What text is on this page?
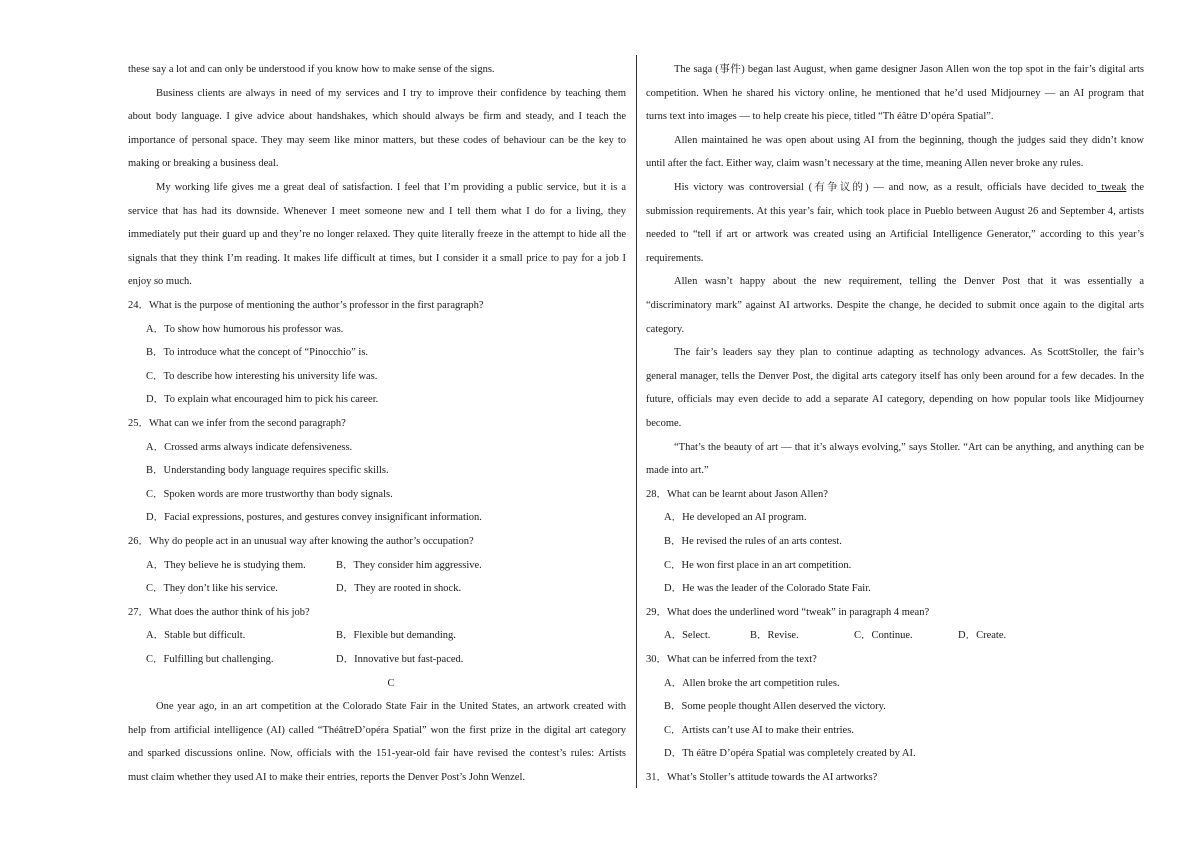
these say a lot and can only be understood if you know how to make sense of the signs.
Business clients are always in need of my services and I try to improve their confidence by teaching them
about body language. I give advice about handshakes, which should always be firm and steady, and I teach the
importance of personal space. They may seem like minor matters, but these codes of behaviour can be the key to
making or breaking a business deal.
My working life gives me a great deal of satisfaction. I feel that I’m providing a public service, but it is a
service that has had its downside. Whenever I meet someone new and I tell them what I do for a living, they
immediately put their guard up and they’re no longer relaxed. They quite literally freeze in the attempt to hide all the
signals that they think I’m reading. It makes life difficult at times, but I consider it a small price to pay for a job I
enjoy so much.
24．What is the purpose of mentioning the author’s professor in the first paragraph?
A．To show how humorous his professor was.
B．To introduce what the concept of “Pinocchio” is.
C．To describe how interesting his university life was.
D．To explain what encouraged him to pick his career.
25．What can we infer from the second paragraph?
A．Crossed arms always indicate defensiveness.
B．Understanding body language requires specific skills.
C．Spoken words are more trustworthy than body signals.
D．Facial expressions, postures, and gestures convey insignificant information.
26．Why do people act in an unusual way after knowing the author’s occupation?
A．They believe he is studying them.	B．They consider him aggressive.
C．They don’t like his service.	D．They are rooted in shock.
27．What does the author think of his job?
A．Stable but difficult.	B．Flexible but demanding.
C．Fulfilling but challenging.	D．Innovative but fast-paced.
C
One year ago, in an art competition at the Colorado State Fair in the United States, an artwork created with
help from artificial intelligence (AI) called “ThéâtreD’opéra Spatial” won the first prize in the digital art category
and sparked discussions online. Now, officials with the 151-year-old fair have revised the contest’s rules: Artists
must claim whether they used AI to make their entries, reports the Denver Post’s John Wenzel.
The saga (事件) began last August, when game designer Jason Allen won the top spot in the fair’s digital arts
competition. When he shared his victory online, he mentioned that he’d used Midjourney — an AI program that
turns text into images — to help create his piece, titled “Th éâtre D’opéra Spatial”.
Allen maintained he was open about using AI from the beginning, though the judges said they didn’t know
until after the fact. Either way, claim wasn’t necessary at the time, meaning Allen never broke any rules.
His victory was controversial (有争议的) — and now, as a result, officials have decided to tweak the
submission requirements. At this year’s fair, which took place in Pueblo between August 26 and September 4, artists
needed to “tell if art or artwork was created using an Artificial Intelligence Generator,” according to this year’s
requirements.
Allen wasn’t happy about the new requirement, telling the Denver Post that it was essentially a
“discriminatory mark” against AI artworks. Despite the change, he decided to submit once again to the digital arts
category.
The fair’s leaders say they plan to continue adapting as technology advances. As ScottStoller, the fair’s
general manager, tells the Denver Post, the digital arts category itself has only been around for a few decades. In the
future, officials may even decide to add a separate AI category, depending on how popular tools like Midjourney
become.
“That’s the beauty of art — that it’s always evolving,” says Stoller. “Art can be anything, and anything can be
made into art.”
28．What can be learnt about Jason Allen?
A．He developed an AI program.
B．He revised the rules of an arts contest.
C．He won first place in an art competition.
D．He was the leader of the Colorado State Fair.
29．What does the underlined word “tweak” in paragraph 4 mean?
A．Select.	B．Revise.	C．Continue.	D．Create.
30．What can be inferred from the text?
A．Allen broke the art competition rules.
B．Some people thought Allen deserved the victory.
C．Artists can’t use AI to make their entries.
D．Th éâtre D’opéra Spatial was completely created by AI.
31．What’s Stoller’s attitude towards the AI artworks?
